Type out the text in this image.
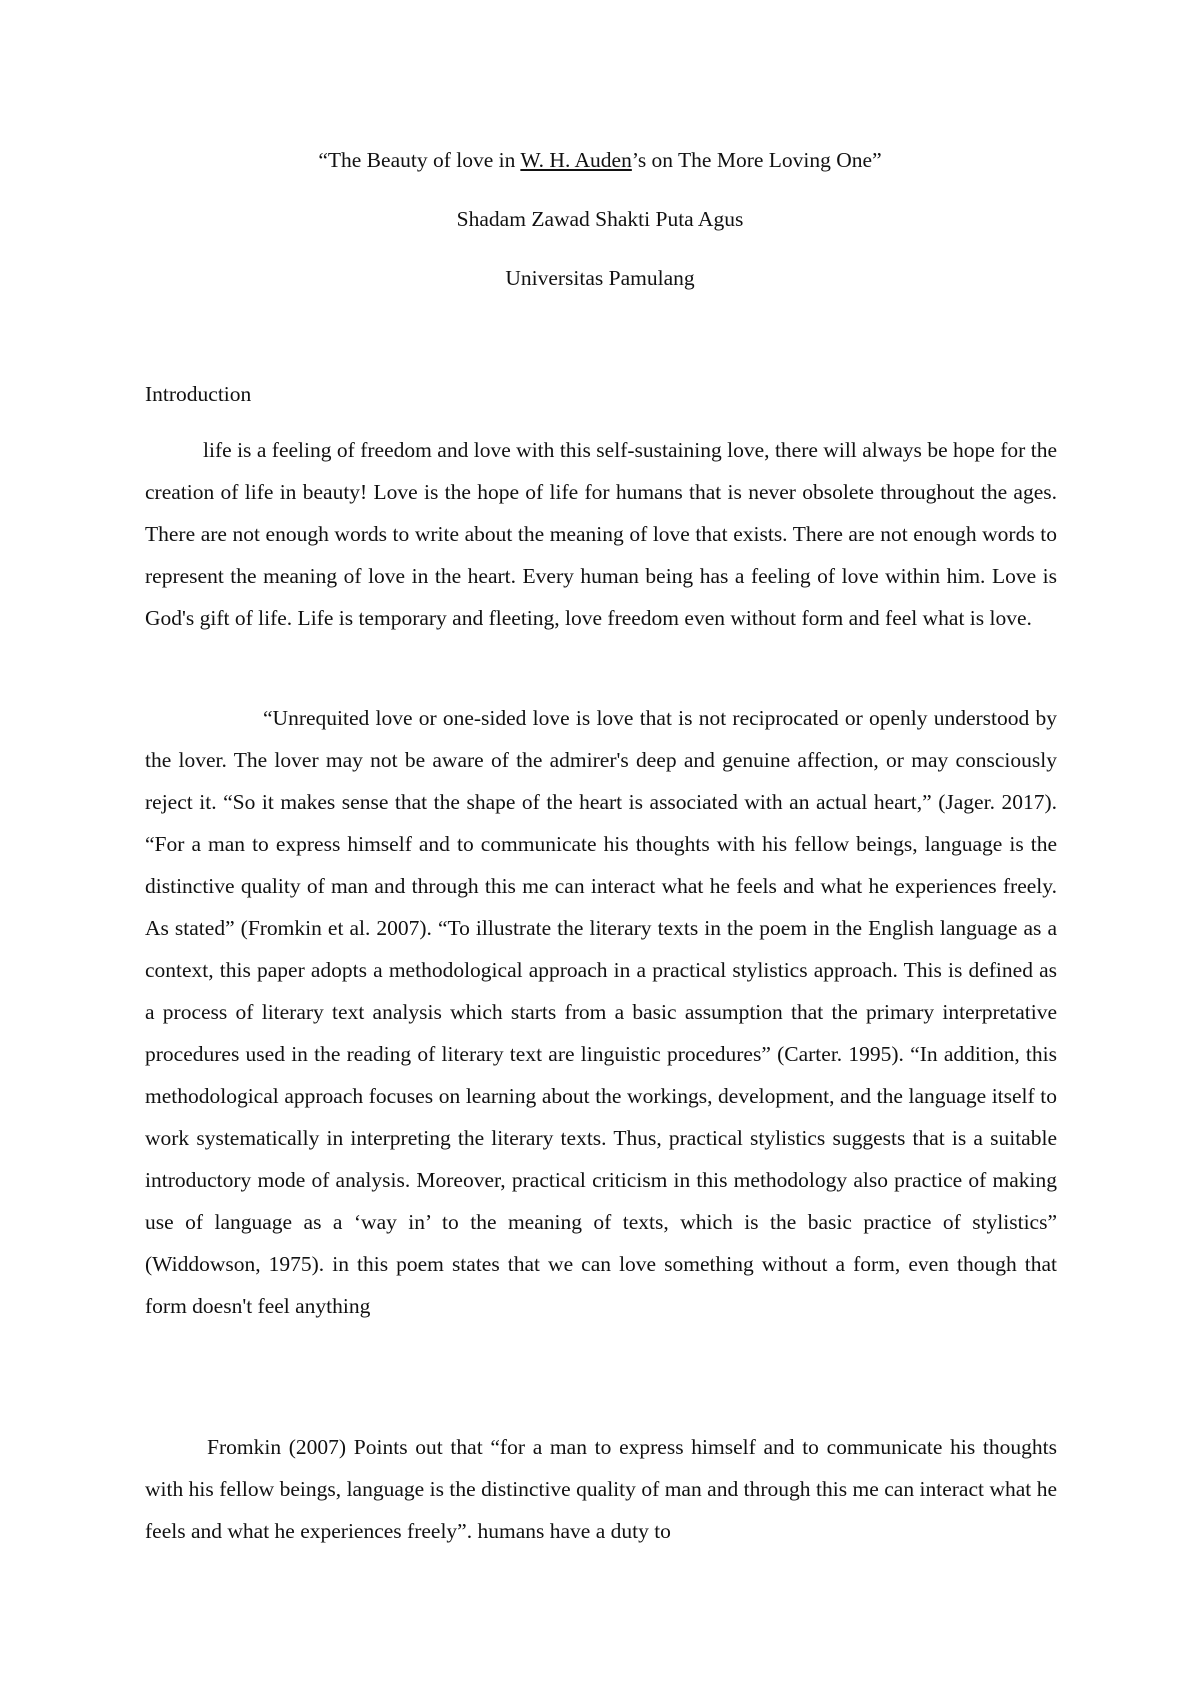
“The Beauty of love in W. H. Auden’s on The More Loving One”
Shadam Zawad Shakti Puta Agus
Universitas Pamulang
Introduction

life is a feeling of freedom and love with this self-sustaining love, there will always be hope for the creation of life in beauty! Love is the hope of life for humans that is never obsolete throughout the ages. There are not enough words to write about the meaning of love that exists. There are not enough words to represent the meaning of love in the heart. Every human being has a feeling of love within him. Love is God's gift of life. Life is temporary and fleeting, love freedom even without form and feel what is love.

“Unrequited love or one-sided love is love that is not reciprocated or openly understood by the lover. The lover may not be aware of the admirer's deep and genuine affection, or may consciously reject it. “So it makes sense that the shape of the heart is associated with an actual heart,” (Jager. 2017). “For a man to express himself and to communicate his thoughts with his fellow beings, language is the distinctive quality of man and through this me can interact what he feels and what he experiences freely. As stated” (Fromkin et al. 2007). “To illustrate the literary texts in the poem in the English language as a context, this paper adopts a methodological approach in a practical stylistics approach. This is defined as a process of literary text analysis which starts from a basic assumption that the primary interpretative procedures used in the reading of literary text are linguistic procedures” (Carter. 1995). “In addition, this methodological approach focuses on learning about the workings, development, and the language itself to work systematically in interpreting the literary texts. Thus, practical stylistics suggests that is a suitable introductory mode of analysis. Moreover, practical criticism in this methodology also practice of making use of language as a ‘way in’ to the meaning of texts, which is the basic practice of stylistics” (Widdowson, 1975). in this poem states that we can love something without a form, even though that form doesn't feel anything

Fromkin (2007) Points out that “for a man to express himself and to communicate his thoughts with his fellow beings, language is the distinctive quality of man and through this me can interact what he feels and what he experiences freely”. humans have a duty to
